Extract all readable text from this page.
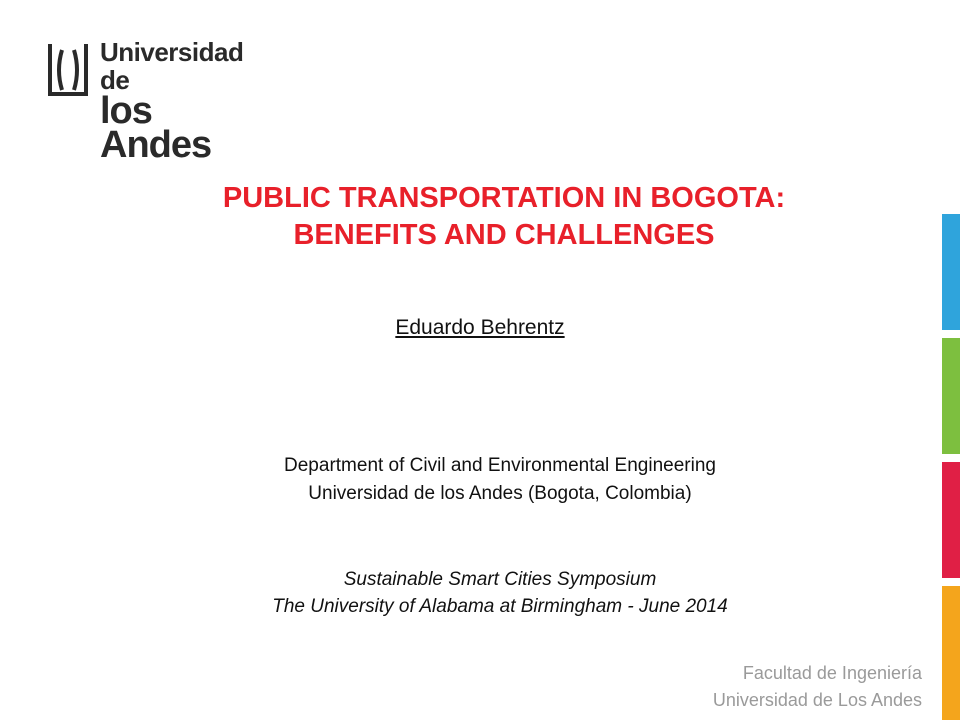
Universidad de
los Andes
PUBLIC TRANSPORTATION IN BOGOTA:
BENEFITS AND CHALLENGES
Eduardo Behrentz
Department of Civil and Environmental Engineering
Universidad de los Andes (Bogota, Colombia)
Sustainable Smart Cities Symposium
The University of Alabama at Birmingham - June 2014
Facultad de Ingeniería
Universidad de Los Andes
